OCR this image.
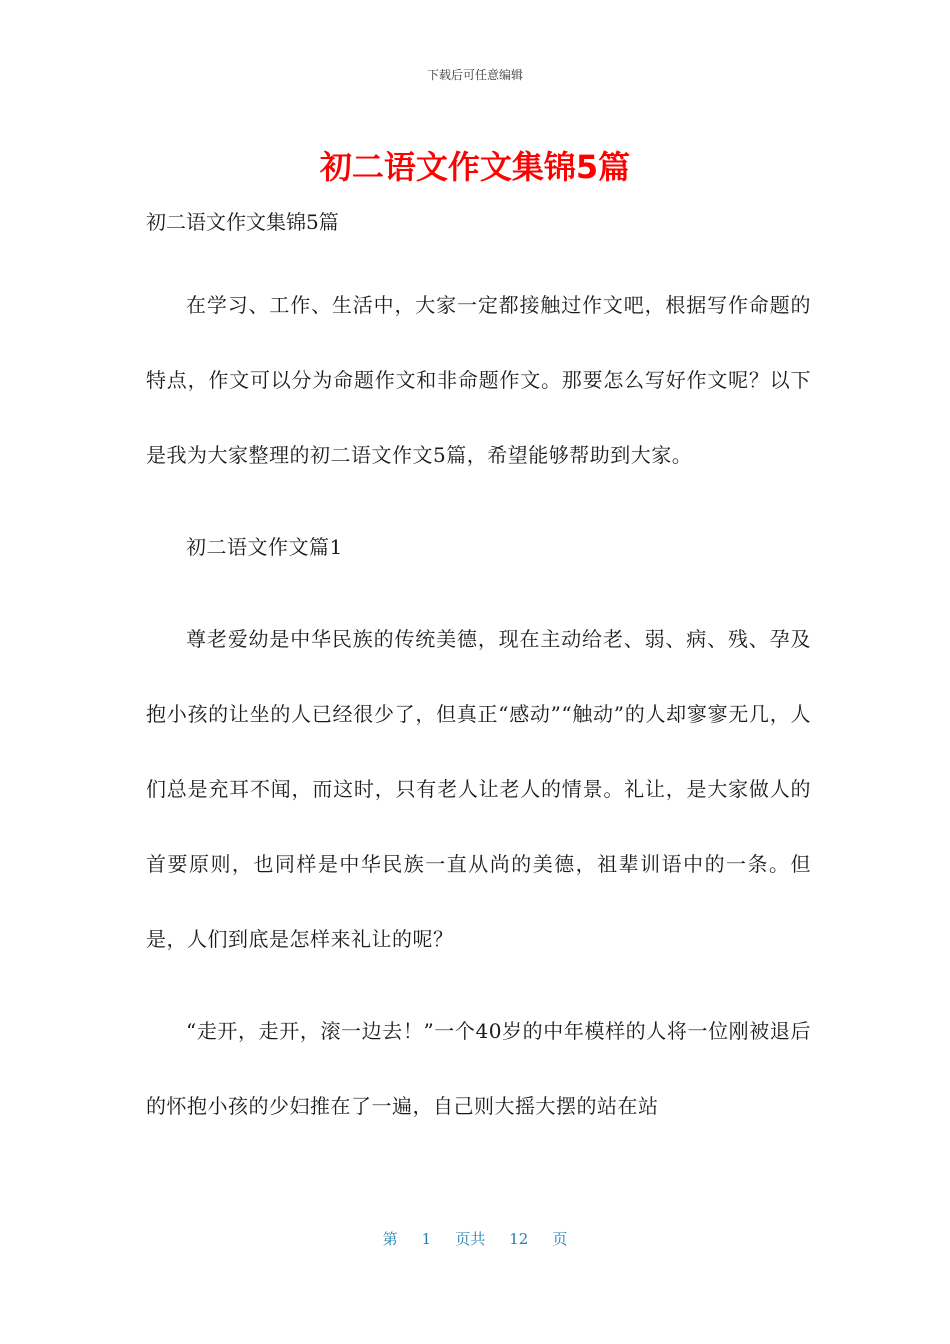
下载后可任意编辑
初二语文作文集锦5篇
初二语文作文集锦5篇

在学习、工作、生活中，大家一定都接触过作文吧，根据写作命题的特点，作文可以分为命题作文和非命题作文。那要怎么写好作文呢？以下是我为大家整理的初二语文作文5篇，希望能够帮助到大家。

初二语文作文篇1

尊老爱幼是中华民族的传统美德，现在主动给老、弱、病、残、孕及抱小孩的让坐的人已经很少了，但真正“感动”“触动”的人却寥寥无几，人们总是充耳不闻，而这时，只有老人让老人的情景。礼让，是大家做人的首要原则，也同样是中华民族一直从尚的美德，祖辈训语中的一条。但是，人们到底是怎样来礼让的呢？

“走开，走开，滚一边去！”一个40岁的中年模样的人将一位刚被退后的怀抱小孩的少妇推在了一遍，自己则大摇大摆的站在站

第 1 页共 12 页
